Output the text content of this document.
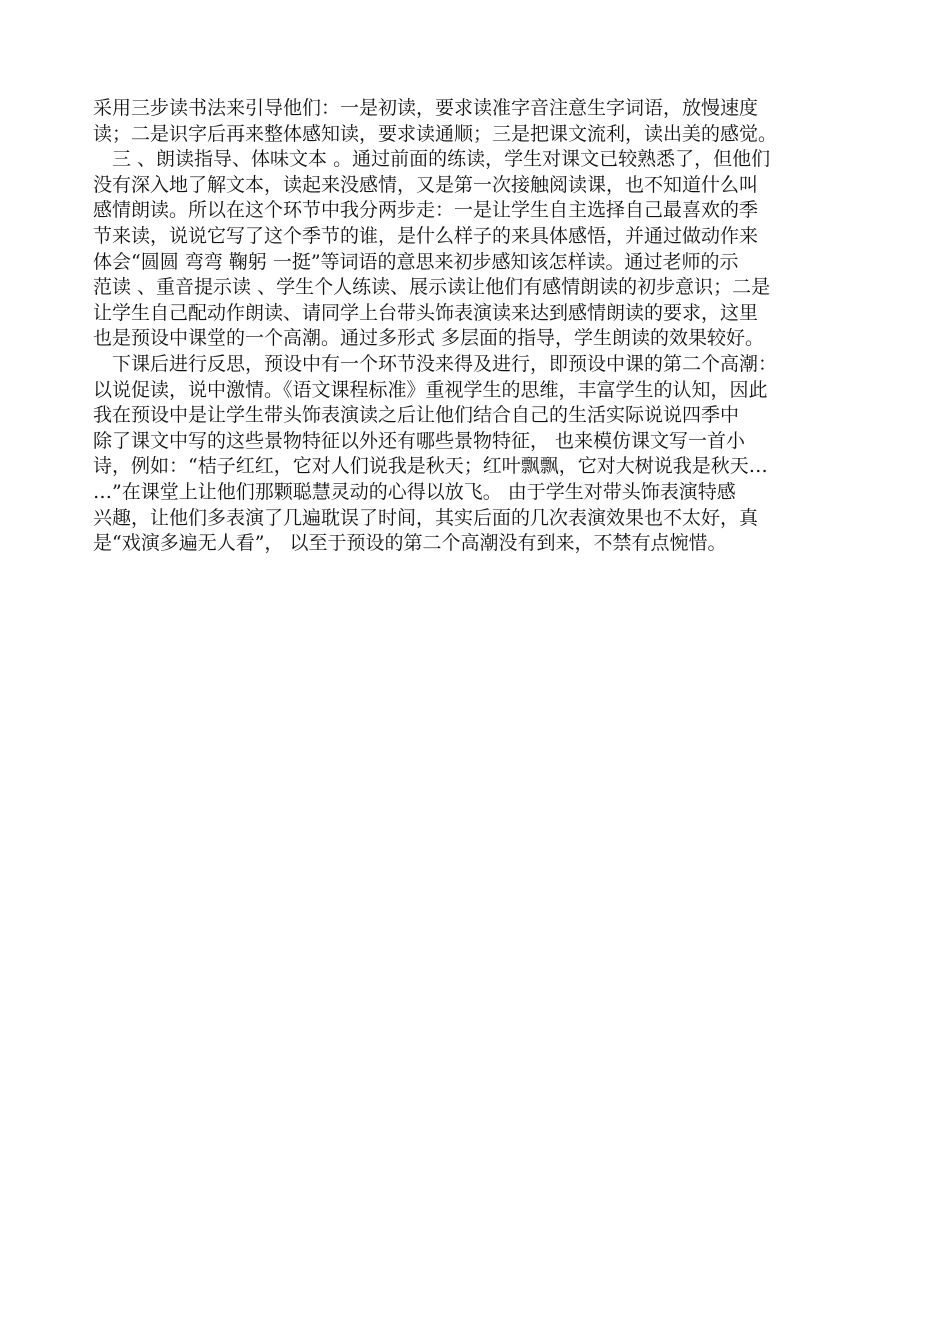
采用三步读书法来引导他们：一是初读，要求读准字音注意生字词语，放慢速度
读；二是识字后再来整体感知读，要求读通顺；三是把课文流利，读出美的感觉。
三 、朗读指导、体味文本 。通过前面的练读，学生对课文已较熟悉了，但他们
没有深入地了解文本，读起来没感情，又是第一次接触阅读课，也不知道什么叫
感情朗读。所以在这个环节中我分两步走：一是让学生自主选择自己最喜欢的季
节来读，说说它写了这个季节的谁，是什么样子的来具体感悟，并通过做动作来
体会“圆圆 弯弯 鞠躬 一挺”等词语的意思来初步感知该怎样读。通过老师的示
范读 、重音提示读 、学生个人练读、展示读让他们有感情朗读的初步意识；二是
让学生自己配动作朗读、请同学上台带头饰表演读来达到感情朗读的要求，这里
也是预设中课堂的一个高潮。通过多形式 多层面的指导，学生朗读的效果较好。
下课后进行反思，预设中有一个环节没来得及进行，即预设中课的第二个高潮：
以说促读，说中激情。《语文课程标准》重视学生的思维，丰富学生的认知，因此
我在预设中是让学生带头饰表演读之后让他们结合自己的生活实际说说四季中
除了课文中写的这些景物特征以外还有哪些景物特征， 也来模仿课文写一首小
诗，例如：“桔子红红，它对人们说我是秋天；红叶飘飘，它对大树说我是秋天…
…”在课堂上让他们那颗聪慧灵动的心得以放飞。 由于学生对带头饰表演特感
兴趣，让他们多表演了几遍耽误了时间，其实后面的几次表演效果也不太好，真
是“戏演多遍无人看”， 以至于预设的第二个高潮没有到来，不禁有点惋惜。
